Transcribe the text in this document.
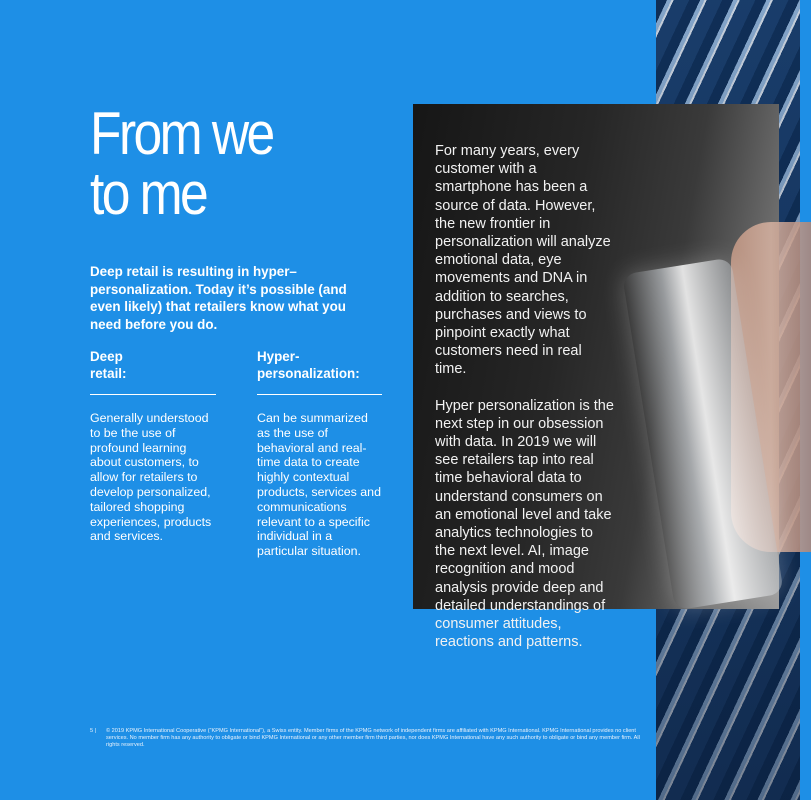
From we
to me

Deep retail is resulting in hyper–personalization. Today it’s possible (and even likely) that retailers know what you need before you do.

Deep
retail:

Generally understood to be the use of profound learning about customers, to allow for retailers to develop personalized, tailored shopping experiences, products and services.

Hyper-
personalization:

Can be summarized as the use of behavioral and real-time data to create highly contextual products, services and communications relevant to a specific individual in a particular situation.

For many years, every customer with a smartphone has been a source of data. However, the new frontier in personalization will analyze emotional data, eye movements and DNA in addition to searches, purchases and views to pinpoint exactly what customers need in real time.

Hyper personalization is the next step in our obsession with data. In 2019 we will see retailers tap into real time behavioral data to understand consumers on an emotional level and take analytics technologies to the next level. AI, image recognition and mood analysis provide deep and detailed understandings of consumer attitudes, reactions and patterns.

5 |	© 2019 KPMG International Cooperative (“KPMG International”), a Swiss entity. Member firms of the KPMG network of independent firms are affiliated with KPMG International. KPMG International provides no client services. No member firm has any authority to obligate or bind KPMG International or any other member firm third parties, nor does KPMG International have any such authority to obligate or bind any member firm. All rights reserved.
